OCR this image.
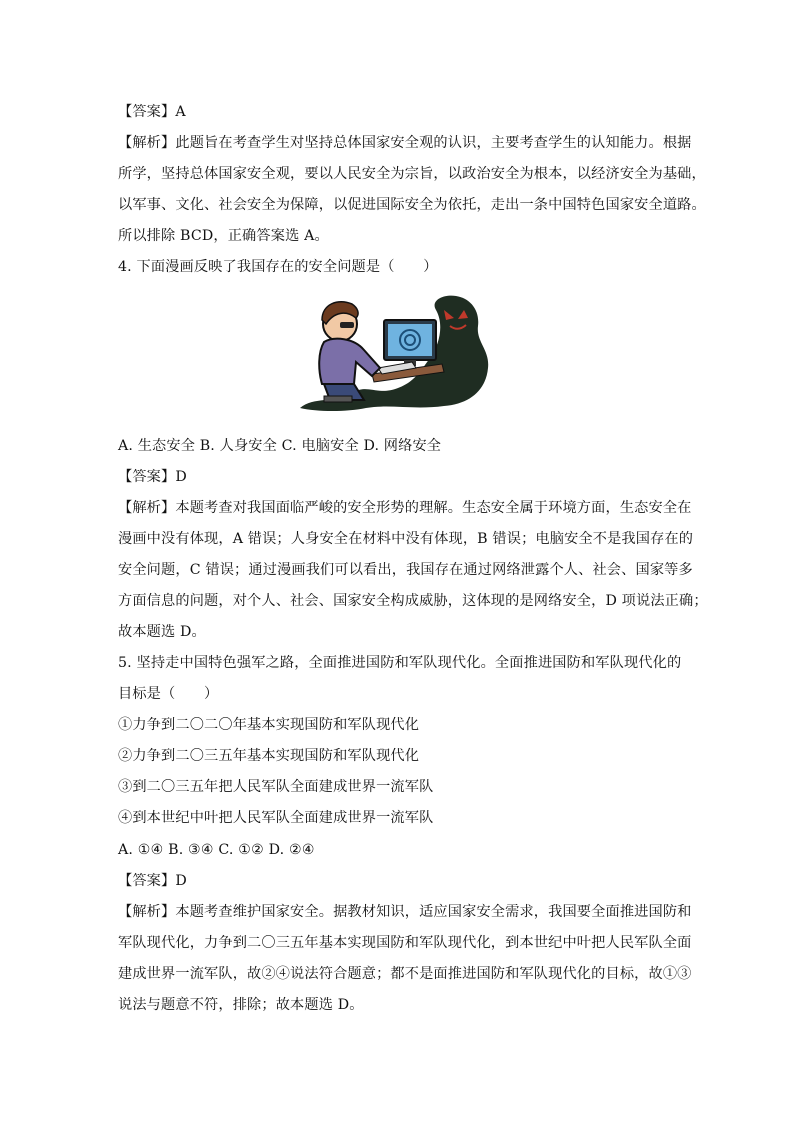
【答案】A
【解析】此题旨在考查学生对坚持总体国家安全观的认识，主要考查学生的认知能力。根据
所学，坚持总体国家安全观，要以人民安全为宗旨，以政治安全为根本，以经济安全为基础，
以军事、文化、社会安全为保障，以促进国际安全为依托，走出一条中国特色国家安全道路。
所以排除 BCD，正确答案选 A。
4. 下面漫画反映了我国存在的安全问题是（　　）
A. 生态安全 B. 人身安全 C. 电脑安全 D. 网络安全
【答案】D
【解析】本题考查对我国面临严峻的安全形势的理解。生态安全属于环境方面，生态安全在
漫画中没有体现，A 错误；人身安全在材料中没有体现，B 错误；电脑安全不是我国存在的
安全问题，C 错误；通过漫画我们可以看出，我国存在通过网络泄露个人、社会、国家等多
方面信息的问题，对个人、社会、国家安全构成威胁，这体现的是网络安全，D 项说法正确；
故本题选 D。
5. 坚持走中国特色强军之路，全面推进国防和军队现代化。全面推进国防和军队现代化的
目标是（　　）
①力争到二〇二〇年基本实现国防和军队现代化
②力争到二〇三五年基本实现国防和军队现代化
③到二〇三五年把人民军队全面建成世界一流军队
④到本世纪中叶把人民军队全面建成世界一流军队
A. ①④ B. ③④ C. ①② D. ②④
【答案】D
【解析】本题考查维护国家安全。据教材知识，适应国家安全需求，我国要全面推进国防和
军队现代化，力争到二〇三五年基本实现国防和军队现代化，到本世纪中叶把人民军队全面
建成世界一流军队，故②④说法符合题意；都不是面推进国防和军队现代化的目标，故①③
说法与题意不符，排除；故本题选 D。
